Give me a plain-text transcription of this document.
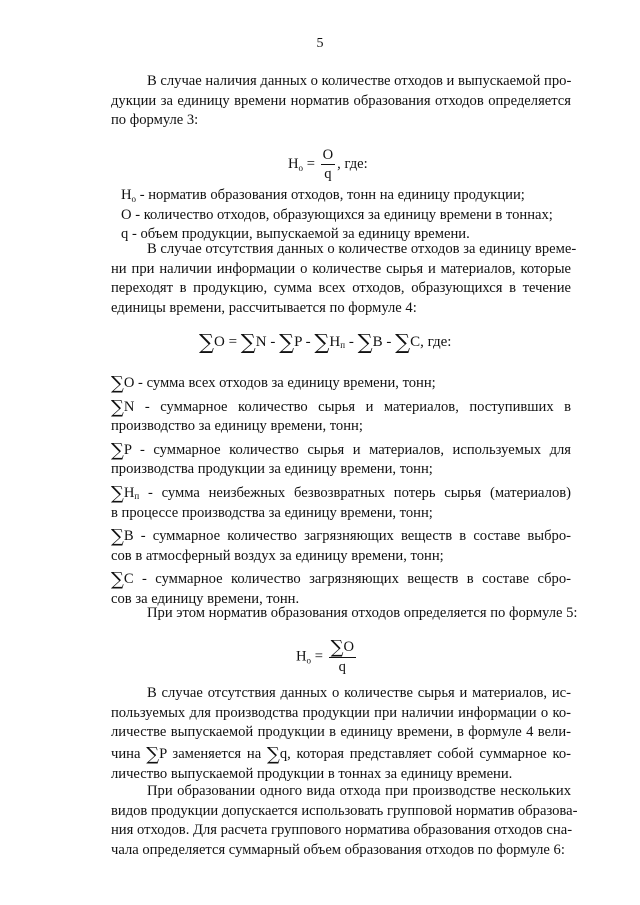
5
В случае наличия данных о количестве отходов и выпускаемой про-
дукции за единицу времени норматив образования отходов определяется
по формуле 3:
$Н_о = \frac{О}{q}$ , где:
$Н_о$ - норматив образования отходов, тонн на единицу продукции;
О - количество отходов, образующихся за единицу времени в тоннах;
q - объем продукции, выпускаемой за единицу времени.
В случае отсутствия данных о количестве отходов за единицу време-
ни при наличии информации о количестве сырья и материалов, которые
переходят в продукцию, сумма всех отходов, образующихся в течение
единицы времени, рассчитывается по формуле 4:
$\sum O = \sum N - \sum P - \sum H_п - \sum B - \sum C$, где:
∑O - сумма всех отходов за единицу времени, тонн;
∑N - суммарное количество сырья и материалов, поступивших в
производство за единицу времени, тонн;
∑P - суммарное количество сырья и материалов, используемых для
производства продукции за единицу времени, тонн;
$\sum H_п$ - сумма неизбежных безвозвратных потерь сырья (материалов)
в процессе производства за единицу времени, тонн;
∑B - суммарное количество загрязняющих веществ в составе выбро-
сов в атмосферный воздух за единицу времени, тонн;
∑C - суммарное количество загрязняющих веществ в составе сбро-
сов за единицу времени, тонн.
При этом норматив образования отходов определяется по формуле 5:
$Н_о = \frac{\sum O}{q}$
В случае отсутствия данных о количестве сырья и материалов, ис-
пользуемых для производства продукции при наличии информации о ко-
личестве выпускаемой продукции в единицу времени, в формуле 4 вели-
чина ∑P заменяется на ∑q, которая представляет собой суммарное ко-
личество выпускаемой продукции в тоннах за единицу времени.
При образовании одного вида отхода при производстве нескольких
видов продукции допускается использовать групповой норматив образова-
ния отходов. Для расчета группового норматива образования отходов сна-
чала определяется суммарный объем образования отходов по формуле 6:
